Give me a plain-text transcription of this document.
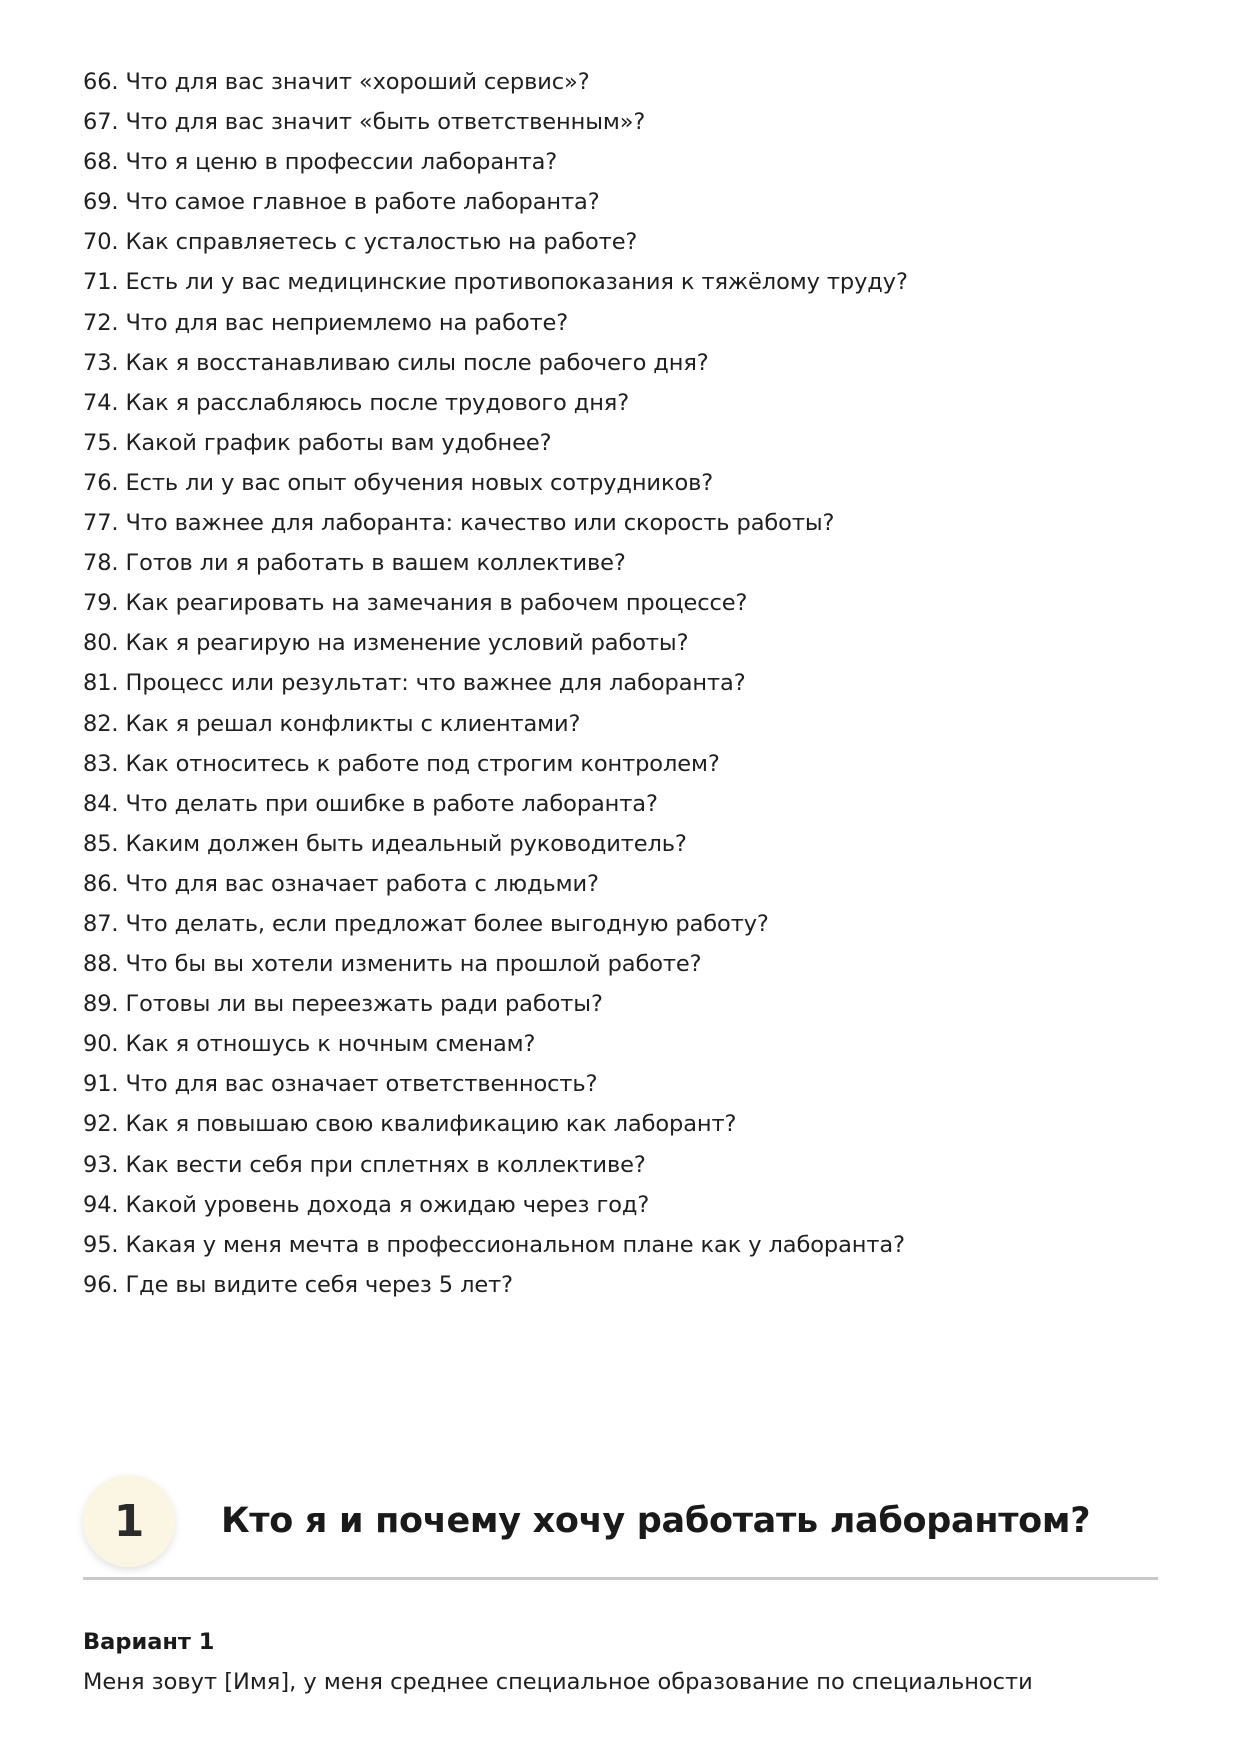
66. Что для вас значит «хороший сервис»?
67. Что для вас значит «быть ответственным»?
68. Что я ценю в профессии лаборанта?
69. Что самое главное в работе лаборанта?
70. Как справляетесь с усталостью на работе?
71. Есть ли у вас медицинские противопоказания к тяжёлому труду?
72. Что для вас неприемлемо на работе?
73. Как я восстанавливаю силы после рабочего дня?
74. Как я расслабляюсь после трудового дня?
75. Какой график работы вам удобнее?
76. Есть ли у вас опыт обучения новых сотрудников?
77. Что важнее для лаборанта: качество или скорость работы?
78. Готов ли я работать в вашем коллективе?
79. Как реагировать на замечания в рабочем процессе?
80. Как я реагирую на изменение условий работы?
81. Процесс или результат: что важнее для лаборанта?
82. Как я решал конфликты с клиентами?
83. Как относитесь к работе под строгим контролем?
84. Что делать при ошибке в работе лаборанта?
85. Каким должен быть идеальный руководитель?
86. Что для вас означает работа с людьми?
87. Что делать, если предложат более выгодную работу?
88. Что бы вы хотели изменить на прошлой работе?
89. Готовы ли вы переезжать ради работы?
90. Как я отношусь к ночным сменам?
91. Что для вас означает ответственность?
92. Как я повышаю свою квалификацию как лаборант?
93. Как вести себя при сплетнях в коллективе?
94. Какой уровень дохода я ожидаю через год?
95. Какая у меня мечта в профессиональном плане как у лаборанта?
96. Где вы видите себя через 5 лет?
1	Кто я и почему хочу работать лаборантом?
Вариант 1
Меня зовут [Имя], у меня среднее специальное образование по специальности
